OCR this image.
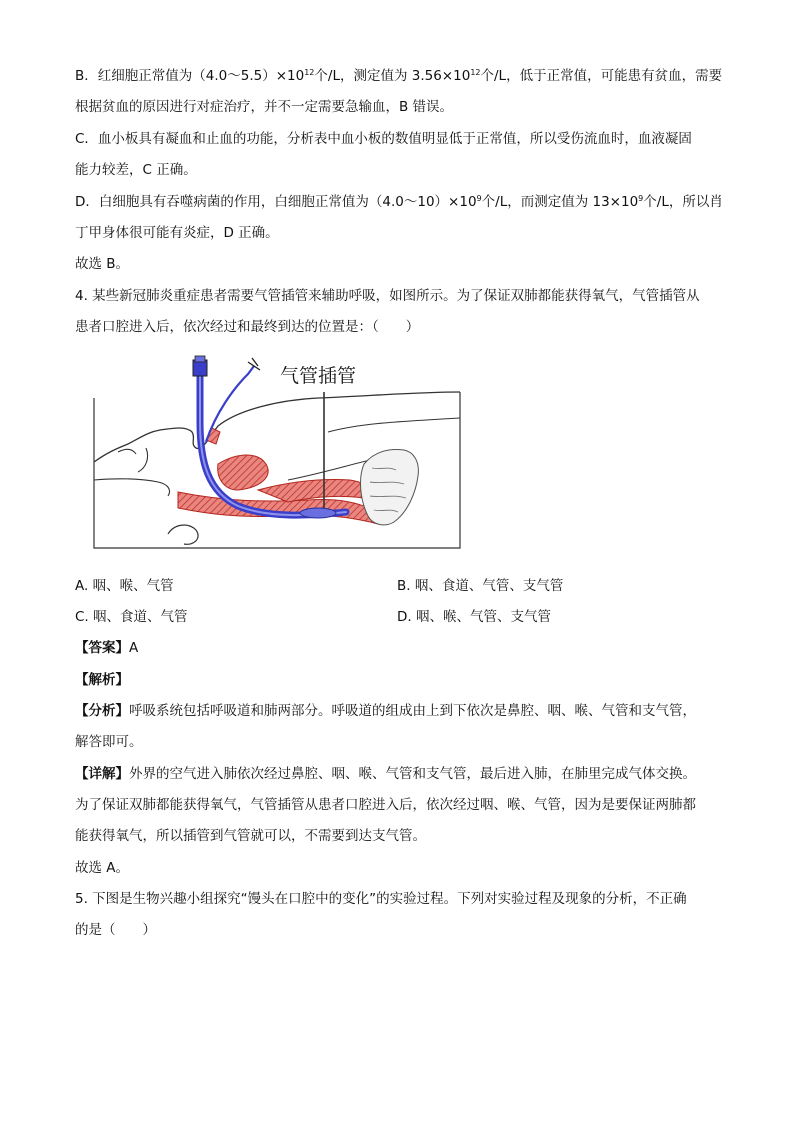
B．红细胞正常值为$(4.0\sim 5.5)\times 10^{12}$个/L，测定值为 $3.56\times 10^{12}$个/L，低于正常值，可能患有贫血，需要
根据贫血的原因进行对症治疗，并不一定需要急输血，B 错误。
C．血小板具有凝血和止血的功能，分析表中血小板的数值明显低于正常值，所以受伤流血时，血液凝固
能力较差，C 正确。
D．白细胞具有吞噬病菌的作用，白细胞正常值为$(4.0\sim 10)\times 10^9$个/L，而测定值为 $13\times 10^9$个/L，所以肖
丁甲身体很可能有炎症，D 正确。
故选 B。
4. 某些新冠肺炎重症患者需要气管插管来辅助呼吸，如图所示。为了保证双肺都能获得氧气，气管插管从
患者口腔进入后，依次经过和最终到达的位置是：（　　）
气管插管
A. 咽、喉、气管	B. 咽、食道、气管、支气管
C. 咽、食道、气管	D. 咽、喉、气管、支气管
【答案】A
【解析】
【分析】呼吸系统包括呼吸道和肺两部分。呼吸道的组成由上到下依次是鼻腔、咽、喉、气管和支气管，
解答即可。
【详解】外界的空气进入肺依次经过鼻腔、咽、喉、气管和支气管，最后进入肺，在肺里完成气体交换。
为了保证双肺都能获得氧气，气管插管从患者口腔进入后，依次经过咽、喉、气管，因为是要保证两肺都
能获得氧气，所以插管到气管就可以，不需要到达支气管。
故选 A。
5. 下图是生物兴趣小组探究“馒头在口腔中的变化”的实验过程。下列对实验过程及现象的分析，不正确
的是（　　）
